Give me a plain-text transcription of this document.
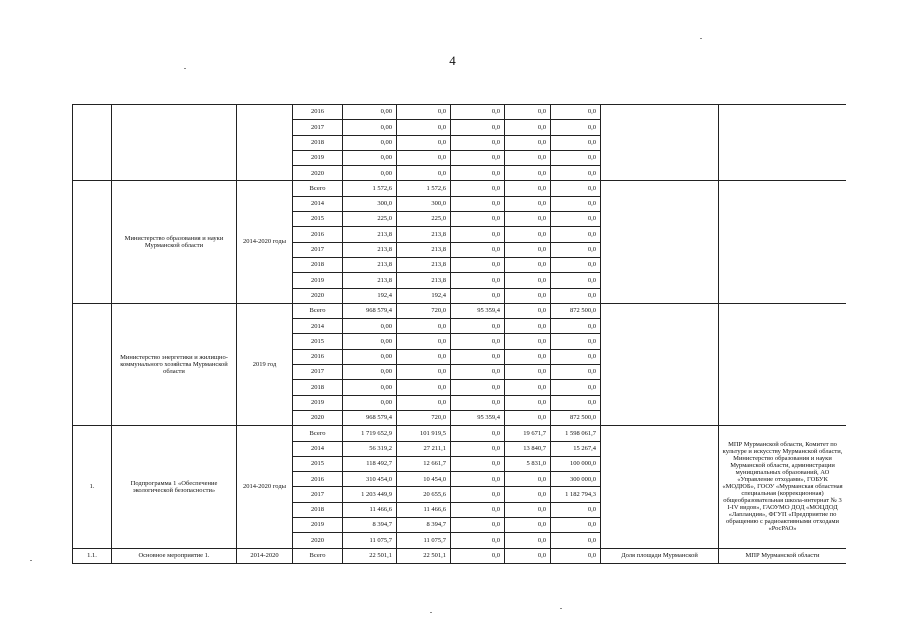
4
			2016	0,00	0,0	0,0	0,0	0,0		
			2017	0,00	0,0	0,0	0,0	0,0		
			2018	0,00	0,0	0,0	0,0	0,0		
			2019	0,00	0,0	0,0	0,0	0,0		
			2020	0,00	0,0	0,0	0,0	0,0		
	Министерство образования и науки Мурманской области	2014-2020 годы	Всего	1 572,6	1 572,6	0,0	0,0	0,0		
			2014	300,0	300,0	0,0	0,0	0,0		
			2015	225,0	225,0	0,0	0,0	0,0		
			2016	213,8	213,8	0,0	0,0	0,0		
			2017	213,8	213,8	0,0	0,0	0,0		
			2018	213,8	213,8	0,0	0,0	0,0		
			2019	213,8	213,8	0,0	0,0	0,0		
			2020	192,4	192,4	0,0	0,0	0,0		
	Министерство энергетики и жилищно-коммунального хозяйства Мурманской области	2019 год	Всего	968 579,4	720,0	95 359,4	0,0	872 500,0		
			2014	0,00	0,0	0,0	0,0	0,0		
			2015	0,00	0,0	0,0	0,0	0,0		
			2016	0,00	0,0	0,0	0,0	0,0		
			2017	0,00	0,0	0,0	0,0	0,0		
			2018	0,00	0,0	0,0	0,0	0,0		
			2019	0,00	0,0	0,0	0,0	0,0		
			2020	968 579,4	720,0	95 359,4	0,0	872 500,0		
1.	Подпрограмма 1 «Обеспечение экологической безопасности»	2014-2020 годы	Всего	1 719 652,9	101 919,5	0,0	19 671,7	1 598 061,7		МПР Мурманской области, Комитет по культуре и искусству Мурманской области, Министерство образования и науки Мурманской области, администрации муниципальных образований, АО «Управление отходами», ГОБУК «МОДЮБ», ГООУ «Мурманская областная специальная (коррекционная) общеобразовательная школа-интернат № 3 I-IV видов», ГАОУМО ДОД «МОЦДОД «Лапландия», ФГУП «Предприятие по обращению с радиоактивными отходами «РосРАО»
			2014	56 319,2	27 211,1	0,0	13 840,7	15 267,4		
			2015	118 492,7	12 661,7	0,0	5 831,0	100 000,0		
			2016	310 454,0	10 454,0	0,0	0,0	300 000,0		
			2017	1 203 449,9	20 655,6	0,0	0,0	1 182 794,3		
			2018	11 466,6	11 466,6	0,0	0,0	0,0		
			2019	8 394,7	8 394,7	0,0	0,0	0,0		
			2020	11 075,7	11 075,7	0,0	0,0	0,0		
1.1.	Основное мероприятие 1.	2014-2020	Всего	22 501,1	22 501,1	0,0	0,0	0,0	Доля площади Мурманской	МПР Мурманской области
